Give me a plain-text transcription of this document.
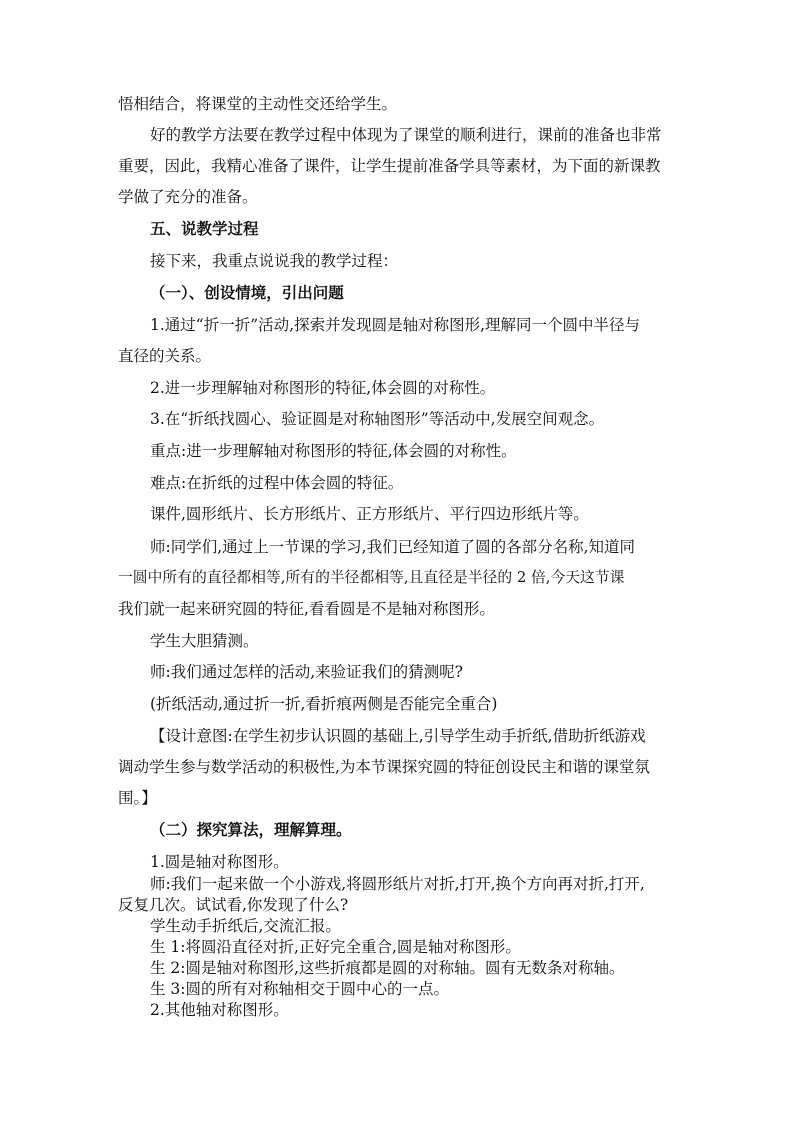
悟相结合，将课堂的主动性交还给学生。

好的教学方法要在教学过程中体现为了课堂的顺利进行，课前的准备也非常

重要，因此，我精心准备了课件，让学生提前准备学具等素材，为下面的新课教

学做了充分的准备。

五、说教学过程

接下来，我重点说说我的教学过程：

（一）、创设情境，引出问题

1.通过“折一折”活动,探索并发现圆是轴对称图形,理解同一个圆中半径与

直径的关系。

2.进一步理解轴对称图形的特征,体会圆的对称性。

3.在“折纸找圆心、验证圆是对称轴图形”等活动中,发展空间观念。

重点:进一步理解轴对称图形的特征,体会圆的对称性。

难点:在折纸的过程中体会圆的特征。

课件,圆形纸片、长方形纸片、正方形纸片、平行四边形纸片等。

师:同学们,通过上一节课的学习,我们已经知道了圆的各部分名称,知道同

一圆中所有的直径都相等,所有的半径都相等,且直径是半径的 2 倍,今天这节课

我们就一起来研究圆的特征,看看圆是不是轴对称图形。

学生大胆猜测。

师:我们通过怎样的活动,来验证我们的猜测呢?

(折纸活动,通过折一折,看折痕两侧是否能完全重合)

【设计意图:在学生初步认识圆的基础上,引导学生动手折纸,借助折纸游戏

调动学生参与数学活动的积极性,为本节课探究圆的特征创设民主和谐的课堂氛

围。】

（二）探究算法，理解算理。

1.圆是轴对称图形。

师:我们一起来做一个小游戏,将圆形纸片对折,打开,换个方向再对折,打开,

反复几次。试试看,你发现了什么?

学生动手折纸后,交流汇报。

生 1:将圆沿直径对折,正好完全重合,圆是轴对称图形。

生 2:圆是轴对称图形,这些折痕都是圆的对称轴。圆有无数条对称轴。

生 3:圆的所有对称轴相交于圆中心的一点。

2.其他轴对称图形。
